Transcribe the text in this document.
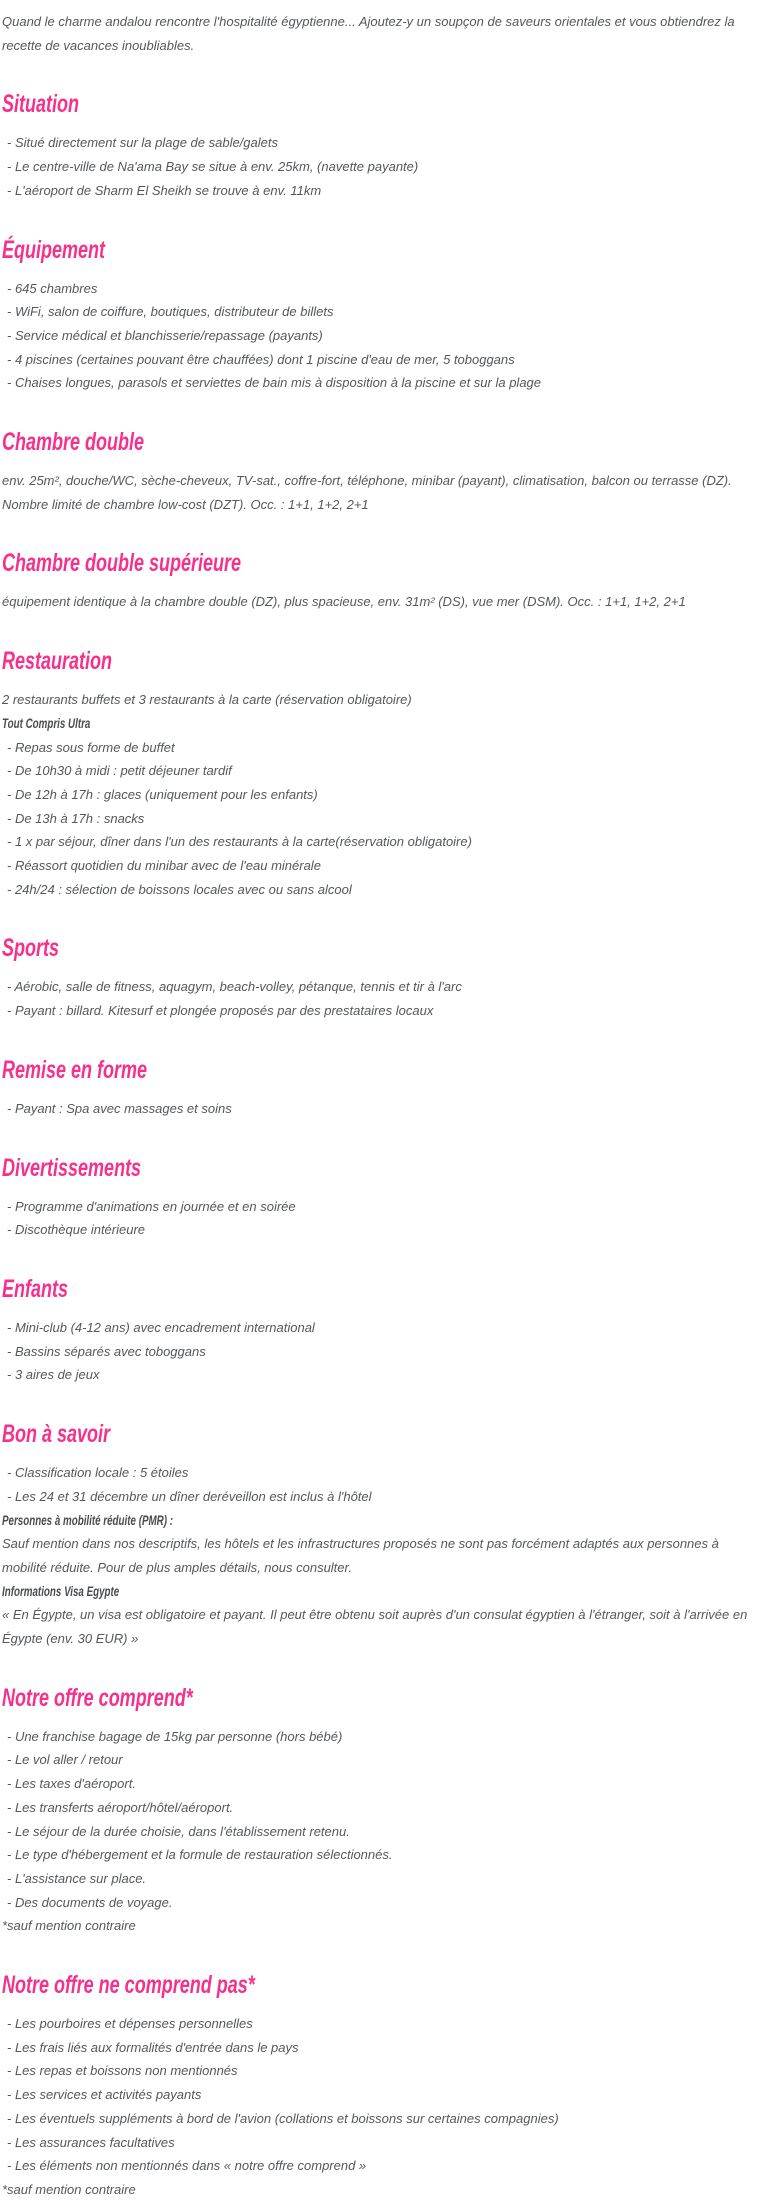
Quand le charme andalou rencontre l'hospitalité égyptienne... Ajoutez-y un soupçon de saveurs orientales et vous obtiendrez la recette de vacances inoubliables.

Situation

- Situé directement sur la plage de sable/galets

- Le centre-ville de Na'ama Bay se situe à env. 25km, (navette payante)

- L'aéroport de Sharm El Sheikh se trouve à env. 11km

Équipement

- 645 chambres

- WiFi, salon de coiffure, boutiques, distributeur de billets

- Service médical et blanchisserie/repassage (payants)

- 4 piscines (certaines pouvant être chauffées) dont 1 piscine d'eau de mer, 5 toboggans

- Chaises longues, parasols et serviettes de bain mis à disposition à la piscine et sur la plage

Chambre double

env. 25m², douche/WC, sèche-cheveux, TV-sat., coffre-fort, téléphone, minibar (payant), climatisation, balcon ou terrasse (DZ). Nombre limité de chambre low-cost (DZT). Occ. : 1+1, 1+2, 2+1

Chambre double supérieure

équipement identique à la chambre double (DZ), plus spacieuse, env. 31m² (DS), vue mer (DSM). Occ. : 1+1, 1+2, 2+1

Restauration

2 restaurants buffets et 3 restaurants à la carte (réservation obligatoire)

Tout Compris Ultra

- Repas sous forme de buffet

- De 10h30 à midi : petit déjeuner tardif

- De 12h à 17h : glaces (uniquement pour les enfants)

- De 13h à 17h : snacks

- 1 x par séjour, dîner dans l'un des restaurants à la carte(réservation obligatoire)

- Réassort quotidien du minibar avec de l'eau minérale

- 24h/24 : sélection de boissons locales avec ou sans alcool

Sports

- Aérobic, salle de fitness, aquagym, beach-volley, pétanque, tennis et tir à l'arc

- Payant : billard. Kitesurf et plongée proposés par des prestataires locaux

Remise en forme

- Payant : Spa avec massages et soins

Divertissements

- Programme d'animations en journée et en soirée

- Discothèque intérieure

Enfants

- Mini-club (4-12 ans) avec encadrement international

- Bassins séparés avec toboggans

- 3 aires de jeux

Bon à savoir

- Classification locale : 5 étoiles

- Les 24 et 31 décembre un dîner deréveillon est inclus à l'hôtel

Personnes à mobilité réduite (PMR) :

Sauf mention dans nos descriptifs, les hôtels et les infrastructures proposés ne sont pas forcément adaptés aux personnes à mobilité réduite. Pour de plus amples détails, nous consulter.

Informations Visa Egypte

« En Égypte, un visa est obligatoire et payant. Il peut être obtenu soit auprès d'un consulat égyptien à l'étranger, soit à l'arrivée en Égypte (env. 30 EUR) »

Notre offre comprend*

- Une franchise bagage de 15kg par personne (hors bébé)

- Le vol aller / retour

- Les taxes d'aéroport.

- Les transferts aéroport/hôtel/aéroport.

- Le séjour de la durée choisie, dans l'établissement retenu.

- Le type d'hébergement et la formule de restauration sélectionnés.

- L'assistance sur place.

- Des documents de voyage.

*sauf mention contraire

Notre offre ne comprend pas*

- Les pourboires et dépenses personnelles

- Les frais liés aux formalités d'entrée dans le pays

- Les repas et boissons non mentionnés

- Les services et activités payants

- Les éventuels suppléments à bord de l'avion (collations et boissons sur certaines compagnies)

- Les assurances facultatives

- Les éléments non mentionnés dans « notre offre comprend »

*sauf mention contraire
